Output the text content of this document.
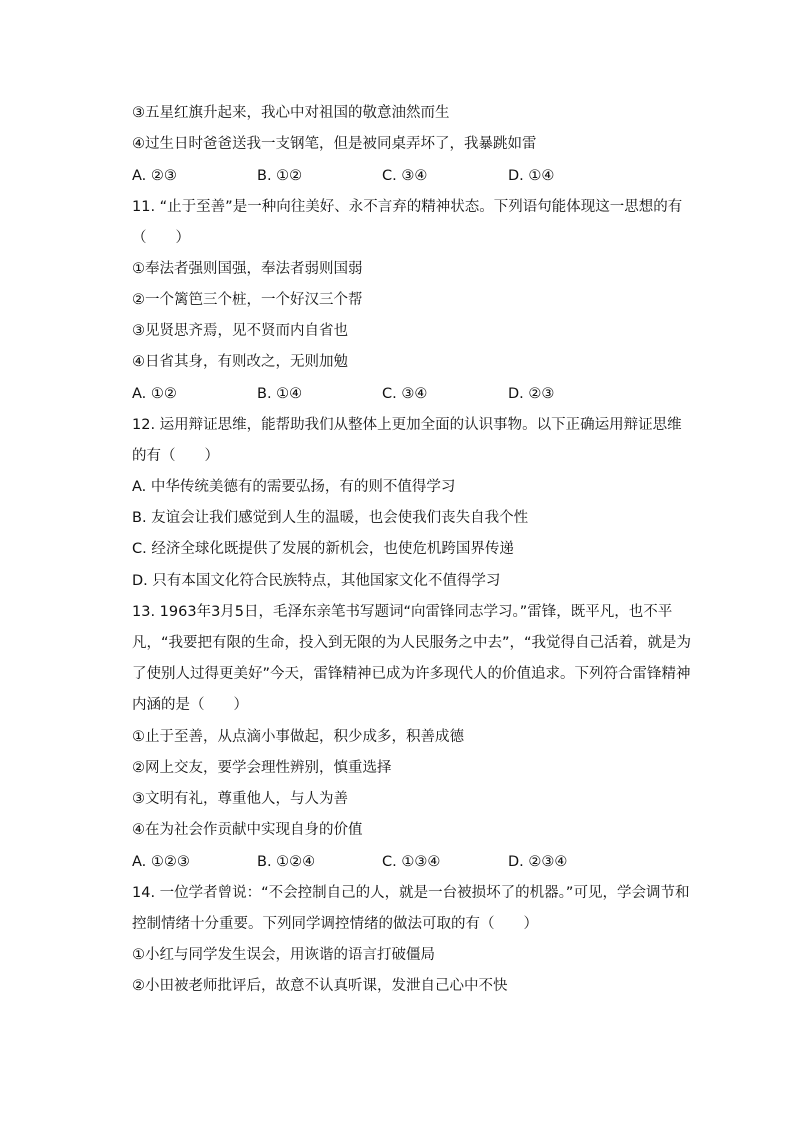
③五星红旗升起来，我心中对祖国的敬意油然而生
④过生日时爸爸送我一支钢笔，但是被同桌弄坏了，我暴跳如雷
A. ②③	B. ①②	C. ③④	D. ①④
11. “止于至善”是一种向往美好、永不言弃的精神状态。下列语句能体现这一思想的有（　　）
①奉法者强则国强，奉法者弱则国弱
②一个篱笆三个桩，一个好汉三个帮
③见贤思齐焉，见不贤而内自省也
④日省其身，有则改之，无则加勉
A. ①②	B. ①④	C. ③④	D. ②③
12. 运用辩证思维，能帮助我们从整体上更加全面的认识事物。以下正确运用辩证思维的有（　　）
A. 中华传统美德有的需要弘扬，有的则不值得学习
B. 友谊会让我们感觉到人生的温暖，也会使我们丧失自我个性
C. 经济全球化既提供了发展的新机会，也使危机跨国界传递
D. 只有本国文化符合民族特点，其他国家文化不值得学习
13. 1963年3月5日，毛泽东亲笔书写题词“向雷锋同志学习。”雷锋，既平凡，也不平凡，“我要把有限的生命，投入到无限的为人民服务之中去”，“我觉得自己活着，就是为了使别人过得更美好”今天，雷锋精神已成为许多现代人的价值追求。下列符合雷锋精神内涵的是（　　）
①止于至善，从点滴小事做起，积少成多，积善成德
②网上交友，要学会理性辨别，慎重选择
③文明有礼，尊重他人，与人为善
④在为社会作贡献中实现自身的价值
A. ①②③	B. ①②④	C. ①③④	D. ②③④
14. 一位学者曾说：“不会控制自己的人，就是一台被损坏了的机器。”可见，学会调节和控制情绪十分重要。下列同学调控情绪的做法可取的有（　　）
①小红与同学发生误会，用诙谐的语言打破僵局
②小田被老师批评后，故意不认真听课，发泄自己心中不快
